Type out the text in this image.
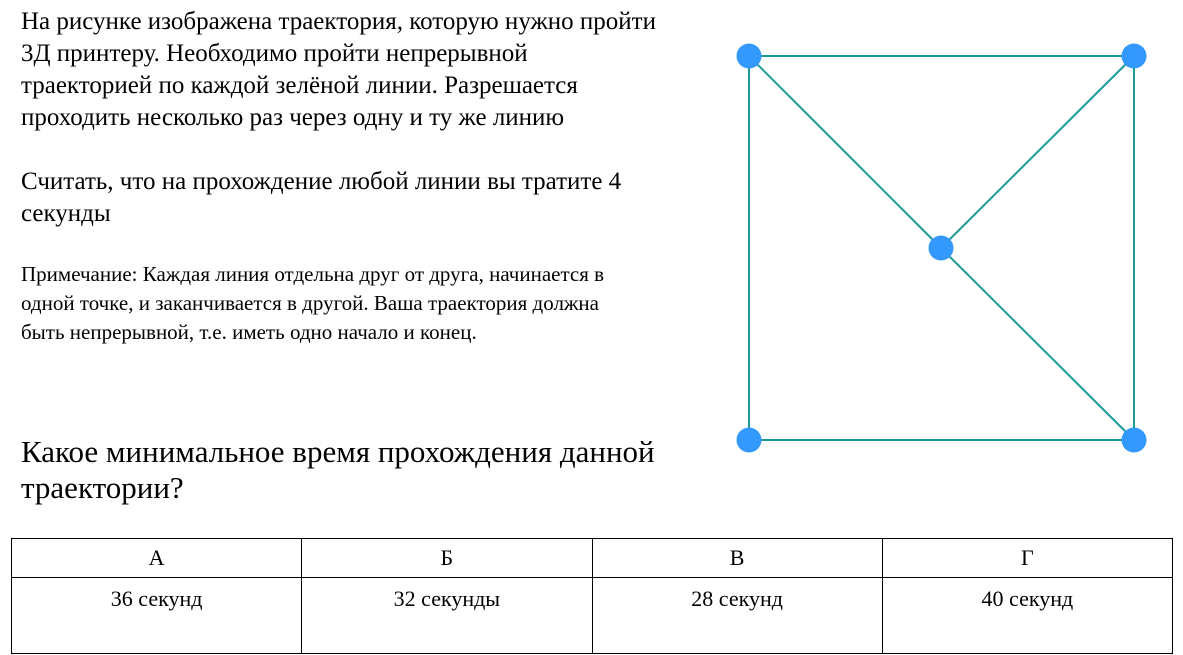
На рисунке изображена траектория, которую нужно пройти
3Д принтеру. Необходимо пройти непрерывной
траекторией по каждой зелёной линии. Разрешается
проходить несколько раз через одну и ту же линию

Считать, что на прохождение любой линии вы тратите 4
секунды

Примечание: Каждая линия отдельна друг от друга, начинается в
одной точке, и заканчивается в другой. Ваша траектория должна
быть непрерывной, т.е. иметь одно начало и конец.

Какое минимальное время прохождения данной
траектории?

А	Б	В	Г
36 секунд	32 секунды	28 секунд	40 секунд
